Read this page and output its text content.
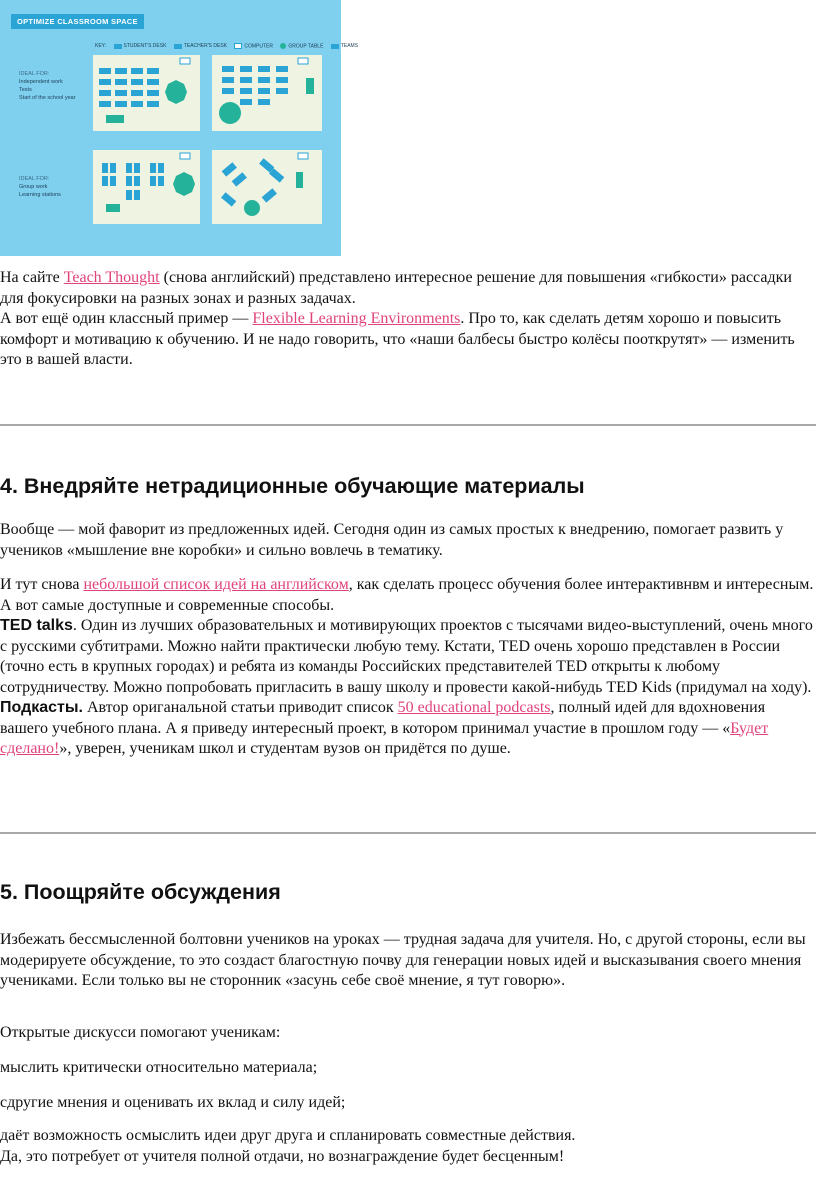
OPTIMIZE CLASSROOM SPACE
KEY:	STUDENT'S DESK	TEACHER'S DESK	COMPUTER	GROUP TABLE	TEAMS
IDEAL FOR:
Independent work
Tests
Start of the school year
IDEAL FOR:
Group work
Learning stations

На сайте Teach Thought (снова английский) представлено интересное решение для повышения «гибкости» рассадки для фокусировки на разных зонах и разных задачах.
А вот ещё один классный пример — Flexible Learning Environments. Про то, как сделать детям хорошо и повысить комфорт и мотивацию к обучению. И не надо говорить, что «наши балбесы быстро колёсы пооткрутят» — изменить это в вашей власти.

4. Внедряйте нетрадиционные обучающие материалы

Вообще — мой фаворит из предложенных идей. Сегодня один из самых простых к внедрению, помогает развить у учеников «мышление вне коробки» и сильно вовлечь в тематику.

И тут снова небольшой список идей на английском, как сделать процесс обучения более интерактивнвм и интересным. А вот самые доступные и современные способы.
TED talks. Один из лучших образовательных и мотивирующих проектов с тысячами видео-выступлений, очень много с русскими субтитрами. Можно найти практически любую тему. Кстати, TED очень хорошо представлен в России (точно есть в крупных городах) и ребята из команды Российских представителей TED открыты к любому сотрудничеству. Можно попробовать пригласить в вашу школу и провести какой-нибудь TED Kids (придумал на ходу).
Подкасты. Автор ориганальной статьи приводит список 50 educational podcasts, полный идей для вдохновения вашего учебного плана. А я приведу интересный проект, в котором принимал участие в прошлом году — «Будет сделано!», уверен, ученикам школ и студентам вузов он придётся по душе.

5. Поощряйте обсуждения

Избежать бессмысленной болтовни учеников на уроках — трудная задача для учителя. Но, с другой стороны, если вы модерируете обсуждение, то это создаст благостную почву для генерации новых идей и высказывания своего мнения учениками. Если только вы не сторонник «засунь себе своё мнение, я тут говорю».

Открытые дискусси помогают ученикам:

мыслить критически относительно материала;

сдругие мнения и оценивать их вклад и силу идей;

даёт возможность осмыслить идеи друг друга и спланировать совместные действия.
Да, это потребует от учителя полной отдачи, но вознаграждение будет бесценным!
